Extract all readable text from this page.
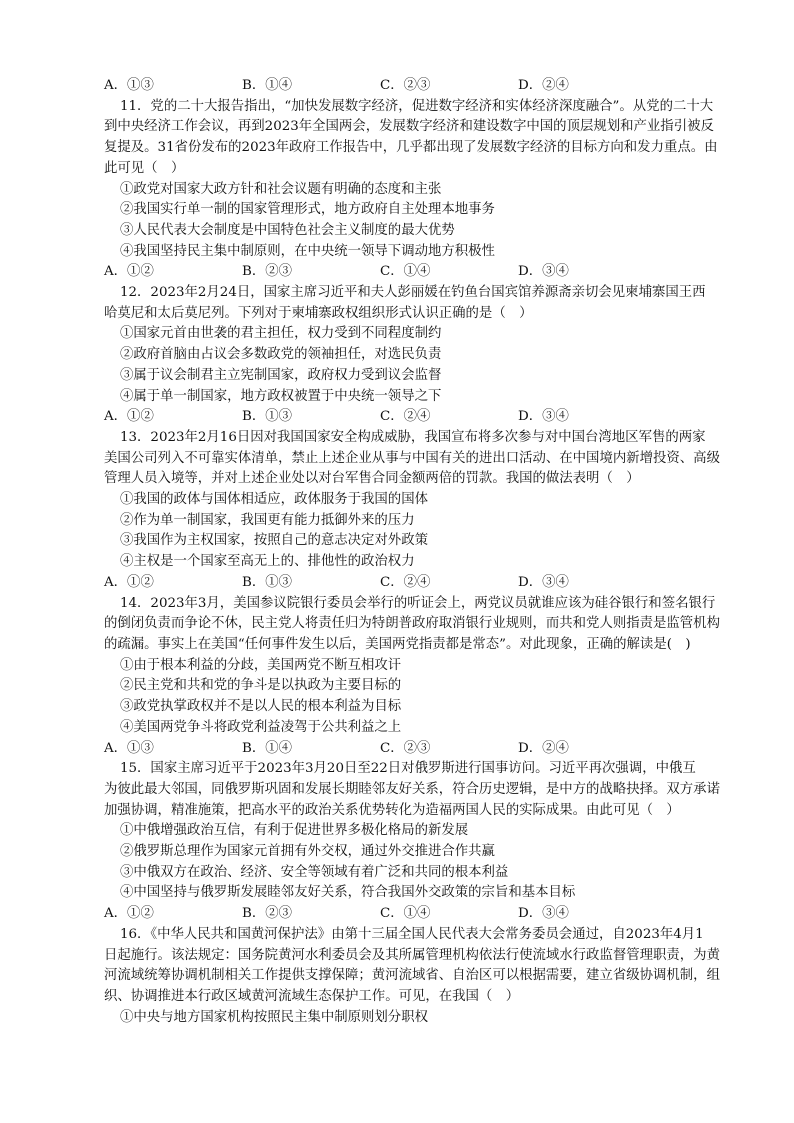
A．①③	B．①④	C．②③	D．②④
11．党的二十大报告指出，“加快发展数字经济，促进数字经济和实体经济深度融合”。从党的二十大
到中央经济工作会议，再到2023年全国两会，发展数字经济和建设数字中国的顶层规划和产业指引被反
复提及。31省份发布的2023年政府工作报告中，几乎都出现了发展数字经济的目标方向和发力重点。由
此可见（　）
①政党对国家大政方针和社会议题有明确的态度和主张
②我国实行单一制的国家管理形式，地方政府自主处理本地事务
③人民代表大会制度是中国特色社会主义制度的最大优势
④我国坚持民主集中制原则，在中央统一领导下调动地方积极性
A．①②	B．②③	C．①④	D．③④
12．2023年2月24日，国家主席习近平和夫人彭丽媛在钓鱼台国宾馆养源斋亲切会见柬埔寨国王西
哈莫尼和太后莫尼列。下列对于柬埔寨政权组织形式认识正确的是（　）
①国家元首由世袭的君主担任，权力受到不同程度制约
②政府首脑由占议会多数政党的领袖担任，对选民负责
③属于议会制君主立宪制国家，政府权力受到议会监督
④属于单一制国家，地方政权被置于中央统一领导之下
A．①②	B．①③	C．②④	D．③④
13．2023年2月16日因对我国国家安全构成威胁，我国宣布将多次参与对中国台湾地区军售的两家
美国公司列入不可靠实体清单，禁止上述企业从事与中国有关的进出口活动、在中国境内新增投资、高级
管理人员入境等，并对上述企业处以对台军售合同金额两倍的罚款。我国的做法表明（　）
①我国的政体与国体相适应，政体服务于我国的国体
②作为单一制国家，我国更有能力抵御外来的压力
③我国作为主权国家，按照自己的意志决定对外政策
④主权是一个国家至高无上的、排他性的政治权力
A．①②	B．①③	C．②④	D．③④
14．2023年3月，美国参议院银行委员会举行的听证会上，两党议员就谁应该为硅谷银行和签名银行
的倒闭负责而争论不休，民主党人将责任归为特朗普政府取消银行业规则，而共和党人则指责是监管机构
的疏漏。事实上在美国“任何事件发生以后，美国两党指责都是常态”。对此现象，正确的解读是(　)
①由于根本利益的分歧，美国两党不断互相攻讦
②民主党和共和党的争斗是以执政为主要目标的
③政党执掌政权并不是以人民的根本利益为目标
④美国两党争斗将政党利益凌驾于公共利益之上
A．①③	B．①④	C．②③	D．②④
15．国家主席习近平于2023年3月20日至22日对俄罗斯进行国事访问。习近平再次强调，中俄互
为彼此最大邻国，同俄罗斯巩固和发展长期睦邻友好关系，符合历史逻辑，是中方的战略抉择。双方承诺
加强协调，精准施策，把高水平的政治关系优势转化为造福两国人民的实际成果。由此可见（　）
①中俄增强政治互信，有利于促进世界多极化格局的新发展
②俄罗斯总理作为国家元首拥有外交权，通过外交推进合作共赢
③中俄双方在政治、经济、安全等领域有着广泛和共同的根本利益
④中国坚持与俄罗斯发展睦邻友好关系，符合我国外交政策的宗旨和基本目标
A．①②	B．②③	C．①④	D．③④
16．《中华人民共和国黄河保护法》由第十三届全国人民代表大会常务委员会通过，自2023年4月1
日起施行。该法规定：国务院黄河水利委员会及其所属管理机构依法行使流域水行政监督管理职责，为黄
河流域统筹协调机制相关工作提供支撑保障；黄河流域省、自治区可以根据需要，建立省级协调机制，组
织、协调推进本行政区域黄河流域生态保护工作。可见，在我国（　）
①中央与地方国家机构按照民主集中制原则划分职权
